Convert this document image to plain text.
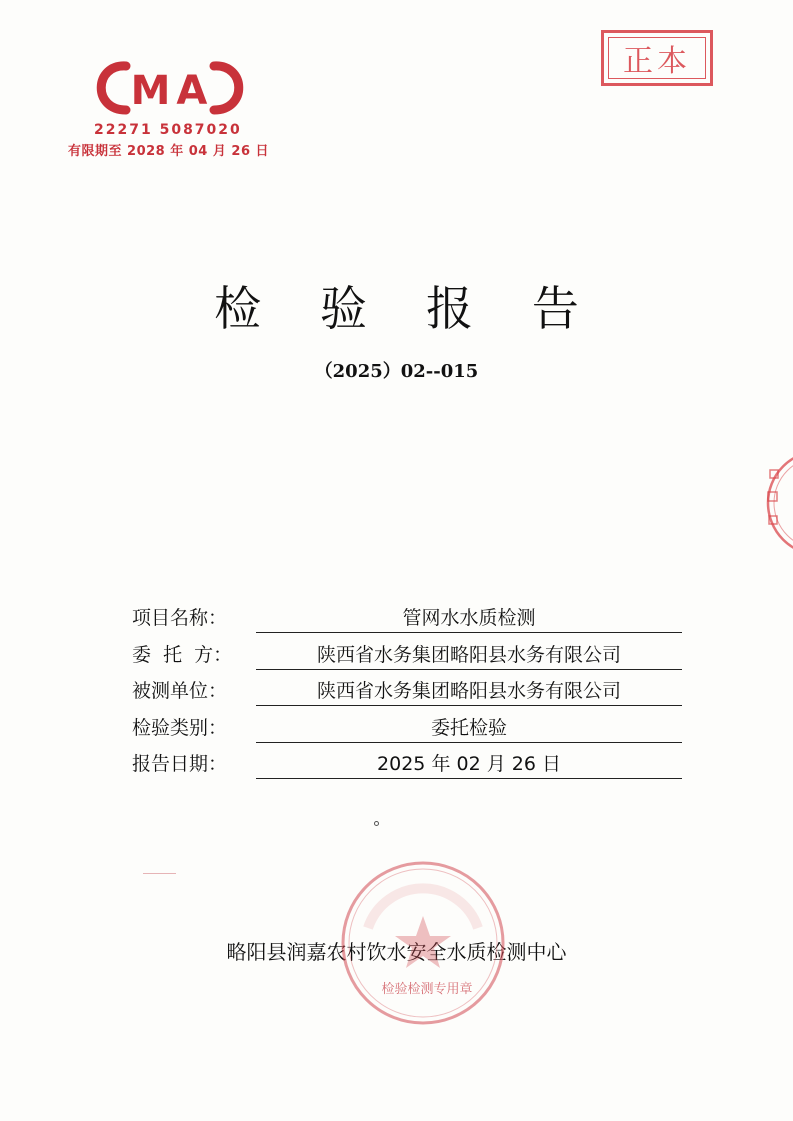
MA
22271 5087020
有限期至 2028 年 04 月 26 日
正本
检 验 报 告
（2025）02--015
项目名称：	管网水水质检测
委  托  方：	陕西省水务集团略阳县水务有限公司
被测单位：	陕西省水务集团略阳县水务有限公司
检验类别：	委托检验
报告日期：	2025 年 02 月 26 日
略阳县润嘉农村饮水安全水质检测中心
检验检测专用章
